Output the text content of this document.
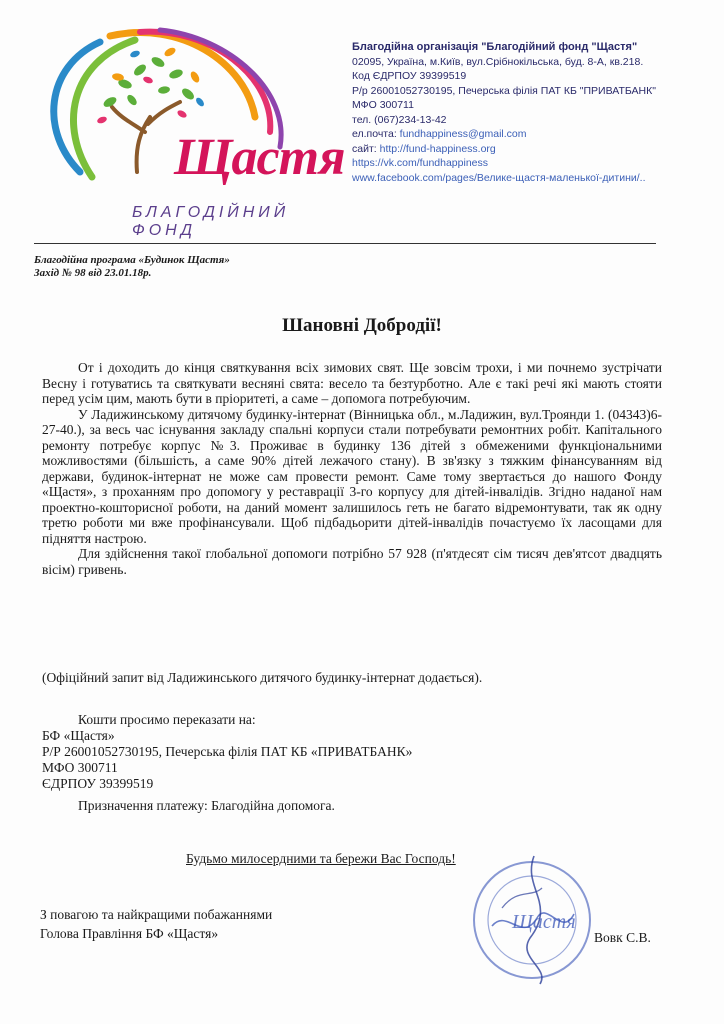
Щастя
БЛАГОДІЙНИЙ ФОНД
Благодійна організація "Благодійний фонд "Щастя"
02095, Україна, м.Київ, вул.Срібнокільська, буд. 8-А, кв.218.
Код ЄДРПОУ 39399519
Р/р 26001052730195, Печерська філія ПАТ КБ "ПРИВАТБАНК"
МФО 300711
тел. (067)234-13-42
ел.почта: fundhappiness@gmail.com
сайт: http://fund-happiness.org
https://vk.com/fundhappiness
www.facebook.com/pages/Велике-щастя-маленької-дитини/..
Благодійна програма «Будинок Щастя»
Захід № 98 від 23.01.18р.
Шановні Добродії!

От і доходить до кінця святкування всіх зимових свят. Ще зовсім трохи, і ми почнемо зустрічати Весну і готуватись та святкувати весняні свята: весело та безтурботно. Але є такі речі які мають стояти перед усім цим, мають бути в пріоритеті, а саме – допомога потребуючим.

У Ладижинському дитячому будинку-інтернат (Вінницька обл., м.Ладижин, вул.Троянди 1. (04343)6-27-40.), за весь час існування закладу спальні корпуси стали потребувати ремонтних робіт. Капітального ремонту потребує корпус №3. Проживає в будинку 136 дітей з обмеженими функціональними можливостями (більшість, а саме 90% дітей лежачого стану). В зв'язку з тяжким фінансуванням від держави, будинок-інтернат не може сам провести ремонт. Саме тому звертається до нашого Фонду «Щастя», з проханням про допомогу у реставрації 3-го корпусу для дітей-інвалідів. Згідно наданої нам проектно-кошторисної роботи, на даний момент залишилось геть не багато відремонтувати, так як одну третю роботи ми вже профінансували. Щоб підбадьорити дітей-інвалідів почастуємо їх ласощами для підняття настрою.

Для здійснення такої глобальної допомоги потрібно 57 928 (п'ятдесят сім тисяч дев'ятсот двадцять вісім) гривень.

(Офіційний запит від Ладижинського дитячого будинку-інтернат додається).
Кошти просимо переказати на:
БФ «Щастя»
Р/Р 26001052730195, Печерська філія ПАТ КБ «ПРИВАТБАНК»
МФО 300711
ЄДРПОУ 39399519
Призначення платежу: Благодійна допомога.
Будьмо милосердними та бережи Вас Господь!
З повагою та найкращими побажаннями
Голова Правління БФ «Щастя»
Щастя
Вовк С.В.
